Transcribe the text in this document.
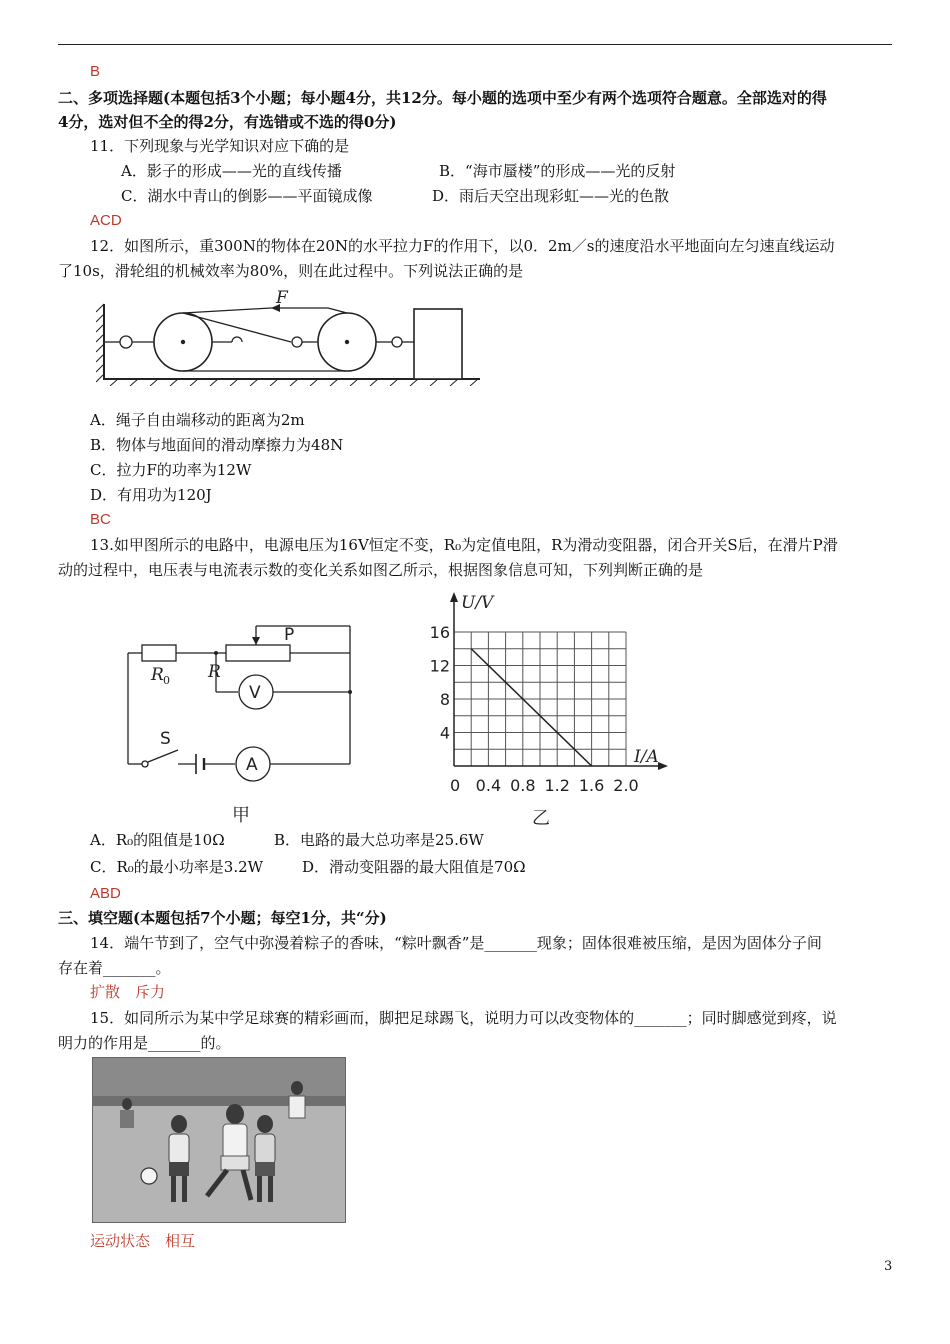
B
二、多项选择题(本题包括3个小题；每小题4分，共12分。每小题的选项中至少有两个选项符合题意。全部选对的得
4分，选对但不全的得2分，有选错或不选的得0分)
11．下列现象与光学知识对应下确的是
A．影子的形成——光的直线传播	B．“海市蜃楼”的形成——光的反射
C．湖水中青山的倒影——平面镜成像	D．雨后天空出现彩虹——光的色散
ACD
12．如图所示，重300N的物体在20N的水平拉力F的作用下，以0．2m／s的速度沿水平地面向左匀速直线运动
了10s，滑轮组的机械效率为80%，则在此过程中。下列说法正确的是
F
A．绳子自由端移动的距离为2m
B．物体与地面间的滑动摩擦力为48N
C．拉力F的功率为12W
D．有用功为120J
BC
13.如甲图所示的电路中，电源电压为16V恒定不变，R₀为定值电阻，R为滑动变阻器，闭合开关S后，在滑片P滑
动的过程中，电压表与电流表示数的变化关系如图乙所示，根据图象信息可知，下列判断正确的是
R 0 R
P
V
A
S
甲
0.4 0.8 1.2 1.6 2.0
4
8
12
16
U/V
I/A
0
乙
A．R₀的阻值是10Ω	B．电路的最大总功率是25.6W
C．R₀的最小功率是3.2W	D．滑动变阻器的最大阻值是70Ω
ABD
三、填空题(本题包括7个小题；每空1分，共“分)
14．端午节到了，空气中弥漫着粽子的香味，“粽叶飘香”是_______现象；固体很难被压缩，是因为固体分子间
存在着_______。
扩散　斥力
15．如同所示为某中学足球赛的精彩画而，脚把足球踢飞，说明力可以改变物体的_______；同时脚感觉到疼，说
明力的作用是_______的。
运动状态　相互
3
